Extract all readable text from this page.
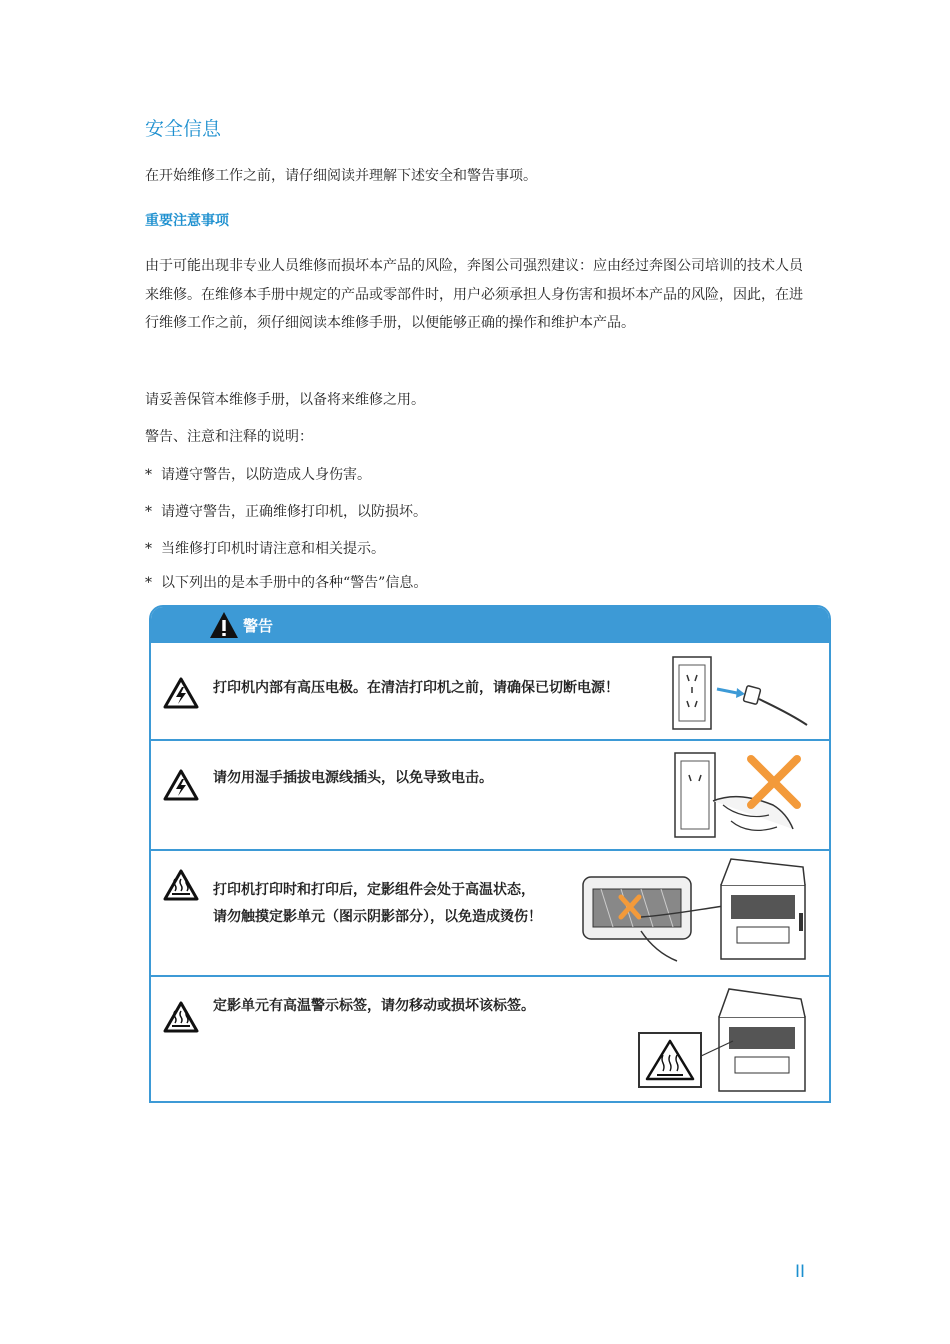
安全信息
在开始维修工作之前，请仔细阅读并理解下述安全和警告事项。
重要注意事项
由于可能出现非专业人员维修而损坏本产品的风险，奔图公司强烈建议：应由经过奔图公司培训的技术人员来维修。在维修本手册中规定的产品或零部件时，用户必须承担人身伤害和损坏本产品的风险，因此，在进行维修工作之前，须仔细阅读本维修手册，以便能够正确的操作和维护本产品。
请妥善保管本维修手册，以备将来维修之用。
警告、注意和注释的说明：
* 请遵守警告，以防造成人身伤害。
* 请遵守警告，正确维修打印机，以防损坏。
* 当维修打印机时请注意和相关提示。
* 以下列出的是本手册中的各种“警告”信息。
警告
打印机内部有高压电极。在清洁打印机之前，请确保已切断电源！
请勿用湿手插拔电源线插头，以免导致电击。
打印机打印时和打印后，定影组件会处于高温状态，请勿触摸定影单元（图示阴影部分），以免造成烫伤！
定影单元有高温警示标签，请勿移动或损坏该标签。
II
